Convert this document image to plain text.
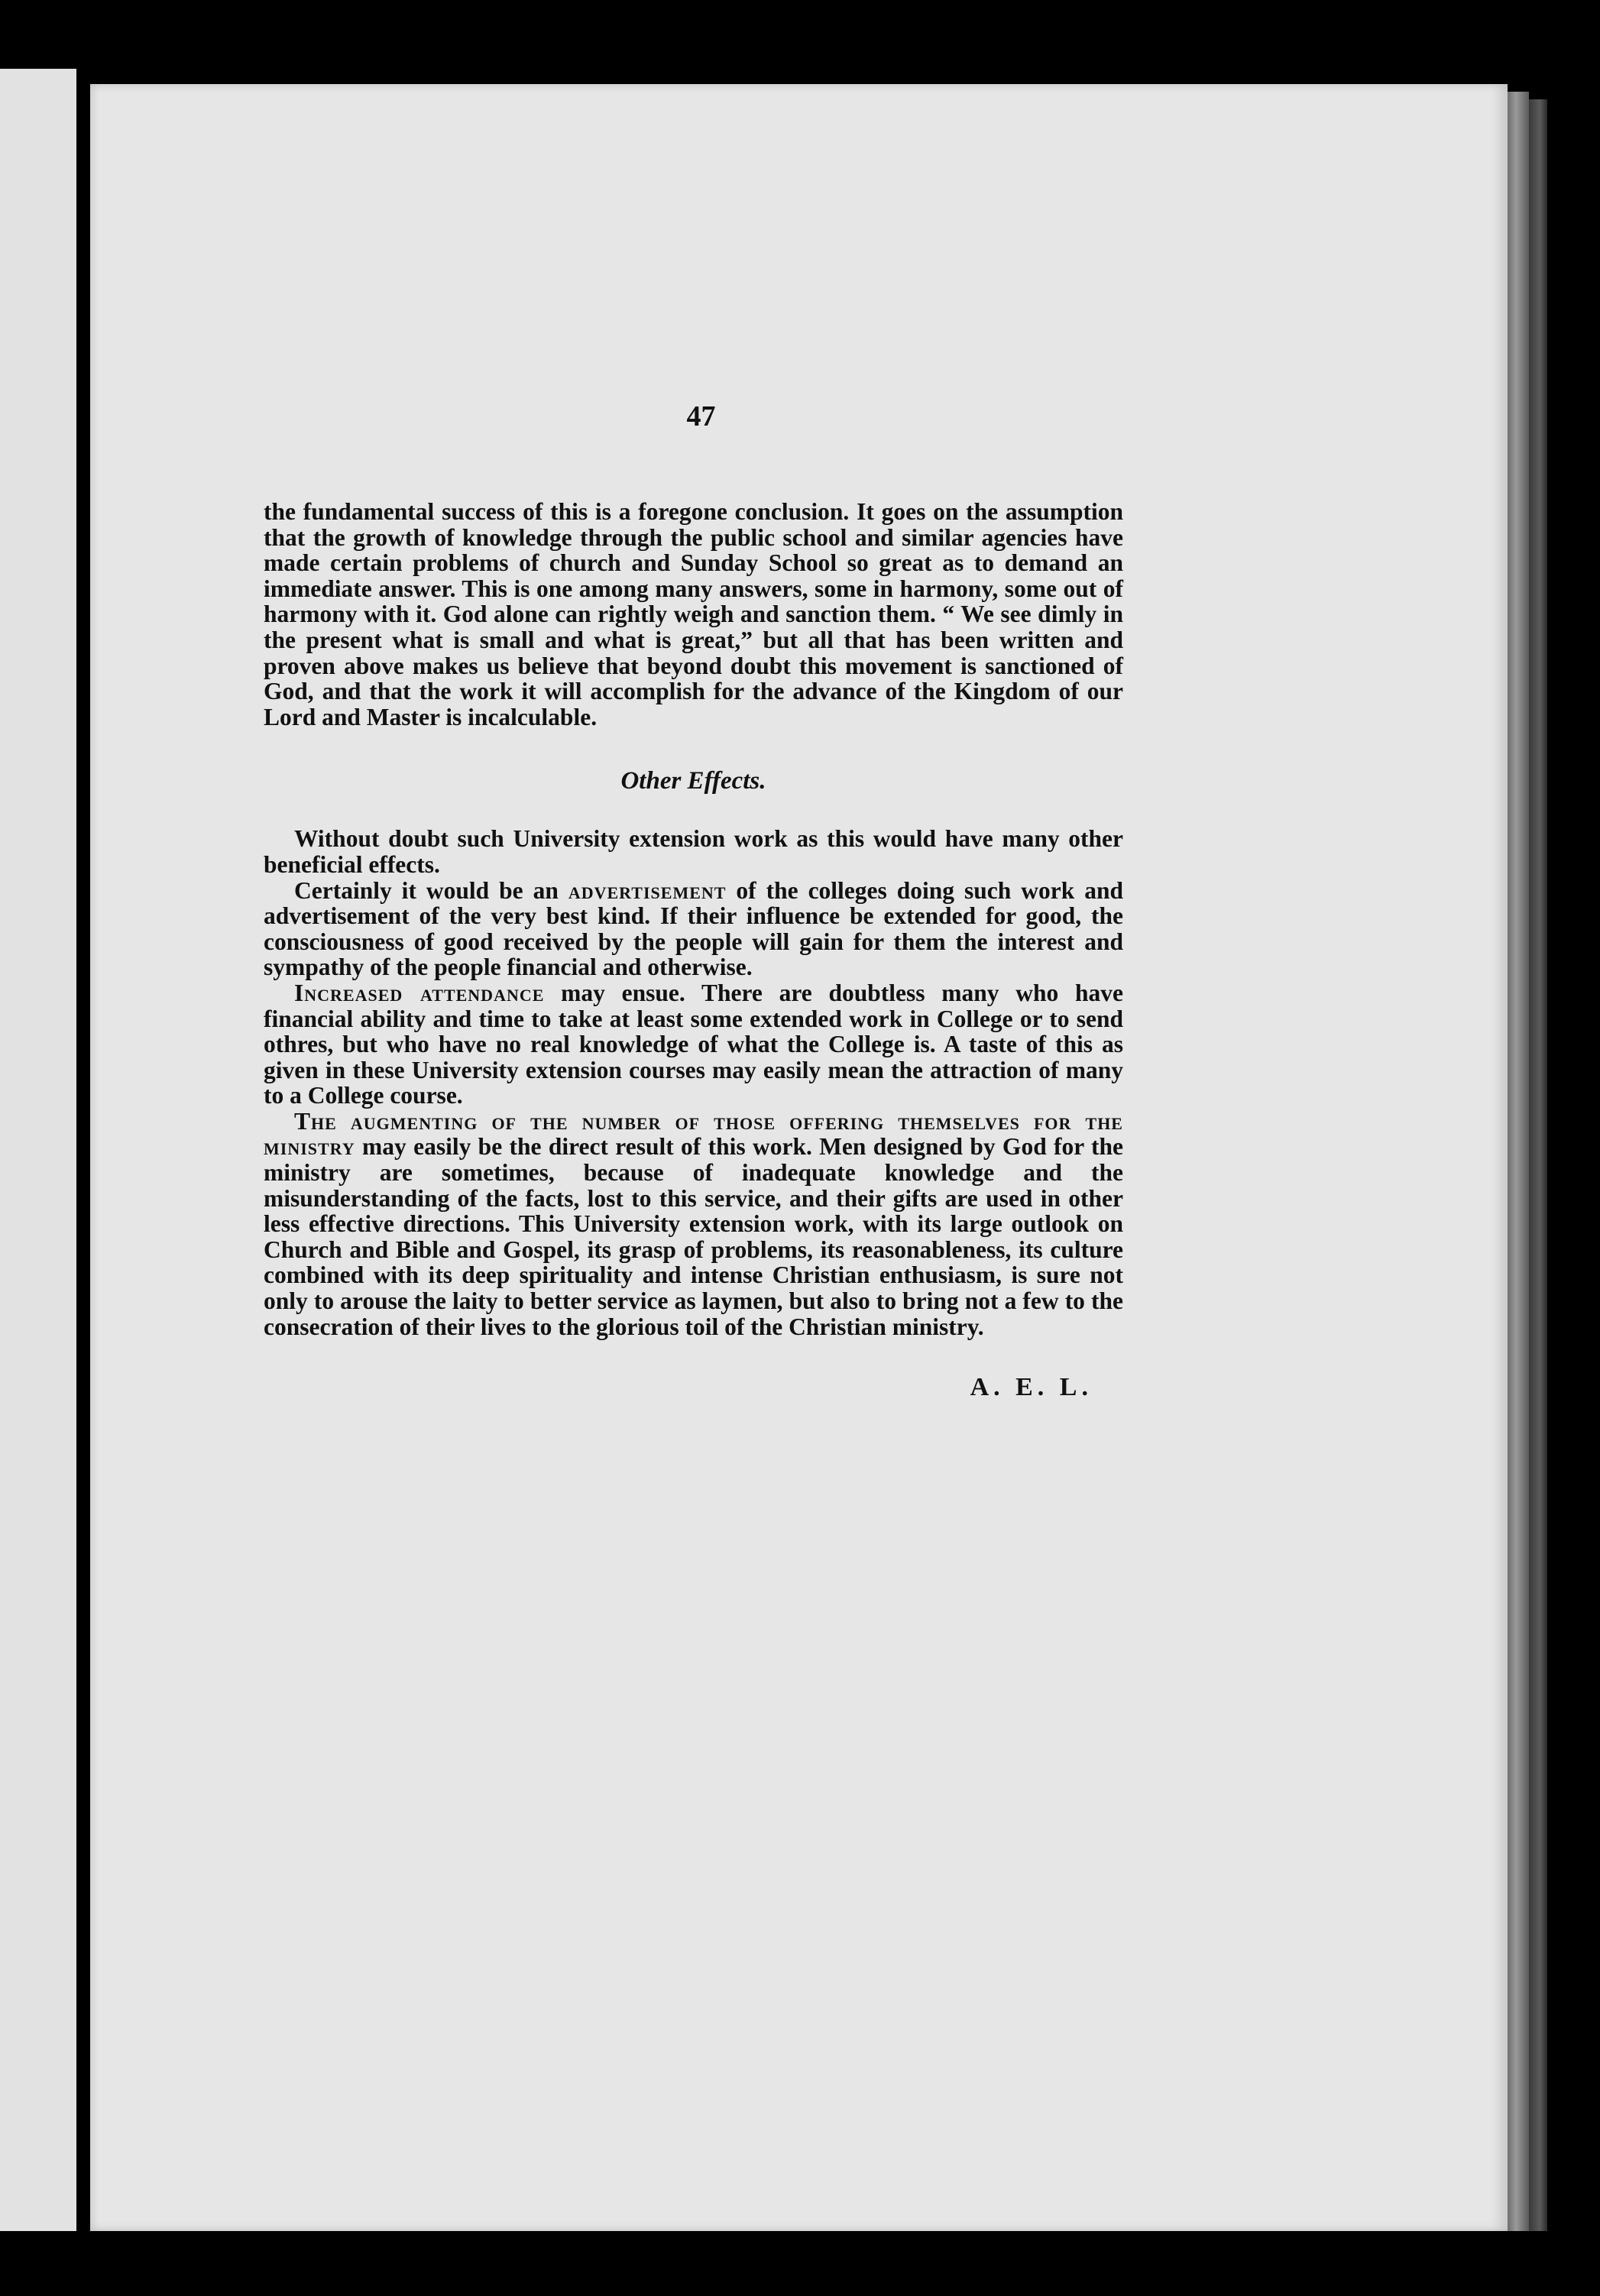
47

the fundamental success of this is a foregone conclusion. It goes on the assumption that the growth of knowledge through the public school and similar agencies have made certain problems of church and Sunday School so great as to demand an immediate answer. This is one among many answers, some in harmony, some out of harmony with it. God alone can rightly weigh and sanction them. “ We see dimly in the present what is small and what is great,” but all that has been written and proven above makes us believe that beyond doubt this movement is sanctioned of God, and that the work it will accomplish for the advance of the Kingdom of our Lord and Master is incalculable.

Other Effects.

Without doubt such University extension work as this would have many other beneficial effects.

Certainly it would be an advertisement of the colleges doing such work and advertisement of the very best kind. If their influence be extended for good, the consciousness of good received by the people will gain for them the interest and sympathy of the people financial and otherwise.

Increased attendance may ensue. There are doubtless many who have financial ability and time to take at least some extended work in College or to send othres, but who have no real knowledge of what the College is. A taste of this as given in these University extension courses may easily mean the attraction of many to a College course.

The augmenting of the number of those offering themselves for the ministry may easily be the direct result of this work. Men designed by God for the ministry are sometimes, because of inadequate knowledge and the misunderstanding of the facts, lost to this service, and their gifts are used in other less effective directions. This University extension work, with its large outlook on Church and Bible and Gospel, its grasp of problems, its reasonableness, its culture combined with its deep spirituality and intense Christian enthusiasm, is sure not only to arouse the laity to better service as laymen, but also to bring not a few to the consecration of their lives to the glorious toil of the Christian ministry.

A. E. L.
